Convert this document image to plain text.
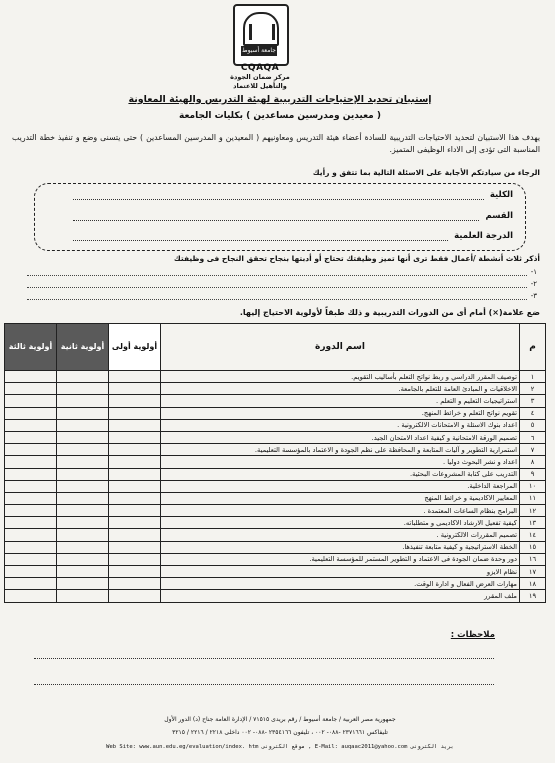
جامعة أسيوط
CQAQA
مركز ضمان الجودة
والتأهيل للاعتماد
إستبيان تحديد الإحتياجات التدريبية لهيئة التدريس والهيئة المعاونة
( معيدين ومدرسين مساعدين ) بكليات الجامعة
يهدف هذا الاستبيان لتحديد الاحتياجات التدريبية للسادة أعضاء هيئة التدريس ومعاونيهم ( المعيدين و المدرسين المساعدين ) حتى يتسنى وضع و تنفيذ خطة التدريب المناسبة التى تؤدى إلى الاداء الوظيفى المتميز.
الرجاء من سيادتكم الأجابة على الاسئلة التالية بما تتفق و رأيك
الكلية
القسم
الدرجة العلمية
أذكر ثلاث أنشطة /أعمال فقط ترى أنها تميز وظيفتك تحتاج أو أدبتها بنجاح تحقق النجاح فى وظيفتك
-١
-٢
-٣
ضع علامة(×) أمام أى من الدورات التدريبية و ذلك طبقاً لأولوية الاحتياج إليها.
م	اسم الدورة	أولوية أولى	أولوية ثانية	أولوية ثالثة
١	توصيف المقرر الدراسي و ربط نواتج التعلم بأساليب التقويم.			
٢	الاخلاقيات و المبادئ العامة للتعلم بالجامعة.			
٣	استراتيجيات التعليم و التعلم .			
٤	تقويم نواتج التعلم و خرائط المنهج.			
٥	اعداد بنوك الاسئلة و الامتحانات الالكترونية .			
٦	تصميم الورقة الامتحانية و كيفية اعداد الامتحان الجيد.			
٧	استمرارية التطوير و آليات المتابعة و المحافظة على نظم الجودة و الاعتماد بالمؤسسة التعليمية.			
٨	اعداد و نشر البحوث دوليا .			
٩	التدريب على كتابة المشروعات البحثية.			
١٠	المراجعة الداخلية.			
١١	المعايير الاكاديمية و خرائط المنهج			
١٢	البرامج بنظام الساعات المعتمدة .			
١٣	كيفية تفعيل الارشاد الاكاديمى و متطلباته.			
١٤	تصميم المقررات الالكترونية .			
١٥	الخطة الاستراتيجية و كيفية متابعة تنفيذها.			
١٦	دور وحدة ضمان الجودة فى الاعتماد و التطوير المستمر للمؤسسة التعليمية.			
١٧	نظام الايزو			
١٨	مهارات العرض الفعال و ادارة الوقت.			
١٩	ملف المقرر			
ملاحظات :
جمهورية مصر العربية / جامعة أسيوط / رقم بريدى ٧١٥١٥ / الإدارة العامة جناح (د) الدور الأول
تليفاكس ٢٣٧١٦٦١ -٠٨٨- ٠٠٢ ، تليفون ٢٣٥٤١٦٦ -٠٨٨- ٠٠٢ داخلى ٢٢١٨ / ٢٢١٦ / ٣٢١٥
Web Site: www.aun.edu.eg/evaluation/index. htm موقع الكترونى , E-Mail: auqaac2011@yahoo.com بريد الكترونى
